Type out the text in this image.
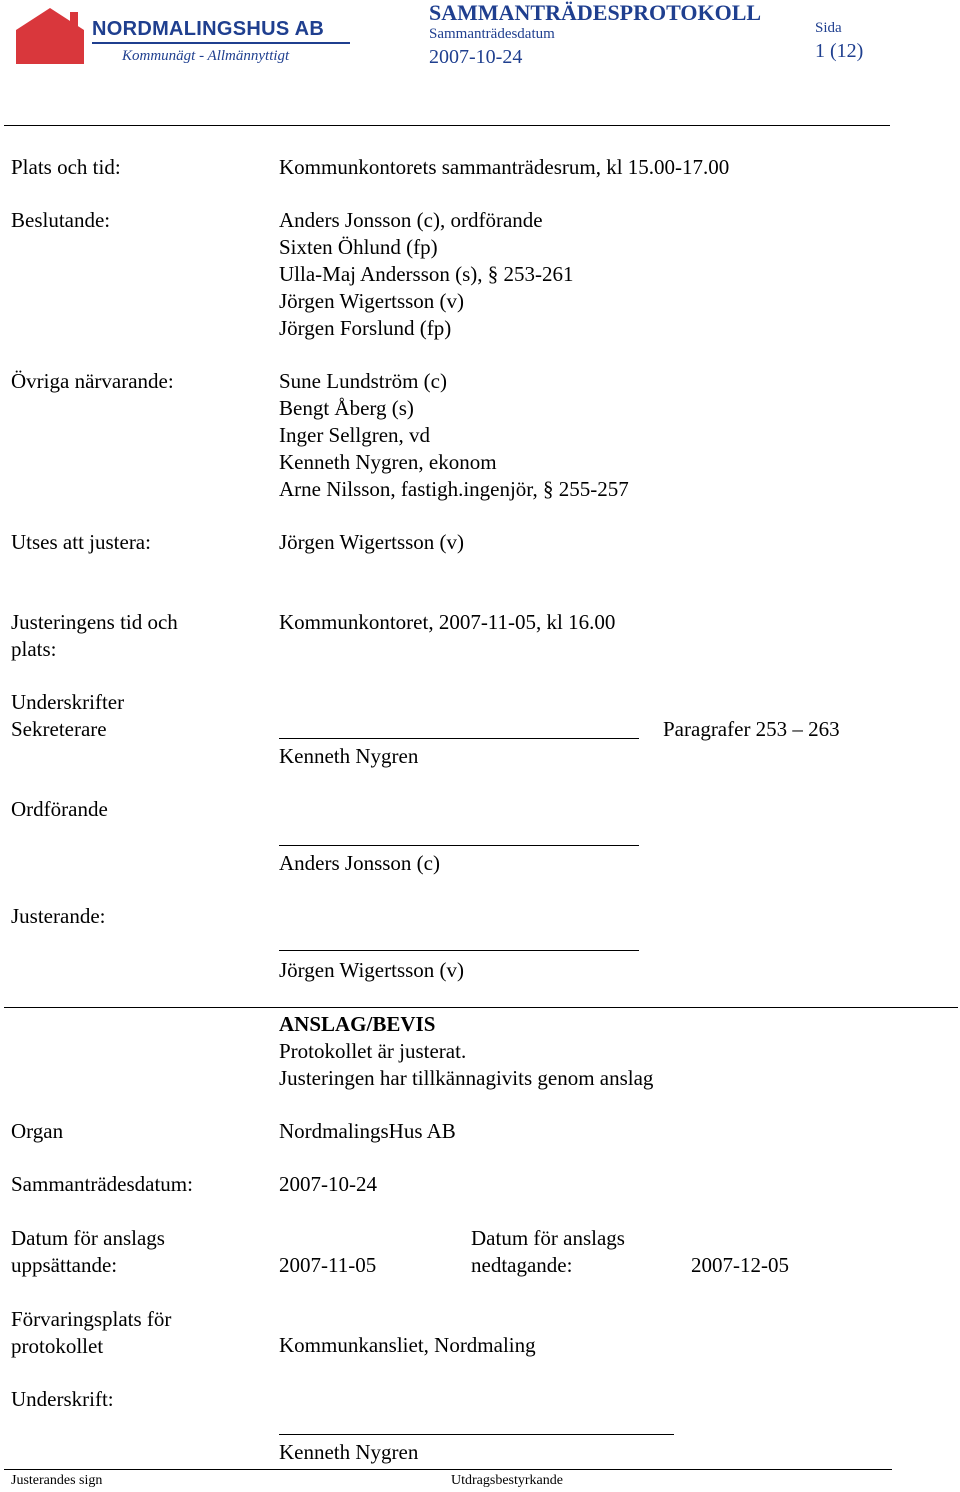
NORDMALINGSHUS AB
Kommunägt - Allmännyttigt
SAMMANTRÄDESPROTOKOLL
Sammanträdesdatum
2007-10-24
Sida
1 (12)
Plats och tid:	Kommunkontorets sammanträdesrum, kl 15.00-17.00
Beslutande:	Anders Jonsson (c), ordförande
Sixten Öhlund (fp)
Ulla-Maj Andersson (s), § 253-261
Jörgen Wigertsson (v)
Jörgen Forslund (fp)
Övriga närvarande:	Sune Lundström (c)
Bengt Åberg (s)
Inger Sellgren, vd
Kenneth Nygren, ekonom
Arne Nilsson, fastigh.ingenjör, § 255-257
Utses att justera:	Jörgen Wigertsson (v)
Justeringens tid och
plats:
Kommunkontoret, 2007-11-05, kl 16.00
Underskrifter
Sekreterare	Paragrafer 253 – 263
Kenneth Nygren
Ordförande
Anders Jonsson (c)
Justerande:
Jörgen Wigertsson (v)
ANSLAG/BEVIS
Protokollet är justerat.
Justeringen har tillkännagivits genom anslag
Organ	NordmalingsHus AB
Sammanträdesdatum:	2007-10-24
Datum för anslags
uppsättande:	2007-11-05
Datum för anslags
nedtagande:	2007-12-05
Förvaringsplats för
protokollet	Kommunkansliet, Nordmaling
Underskrift:
Kenneth Nygren
Justerandes sign	Utdragsbestyrkande
